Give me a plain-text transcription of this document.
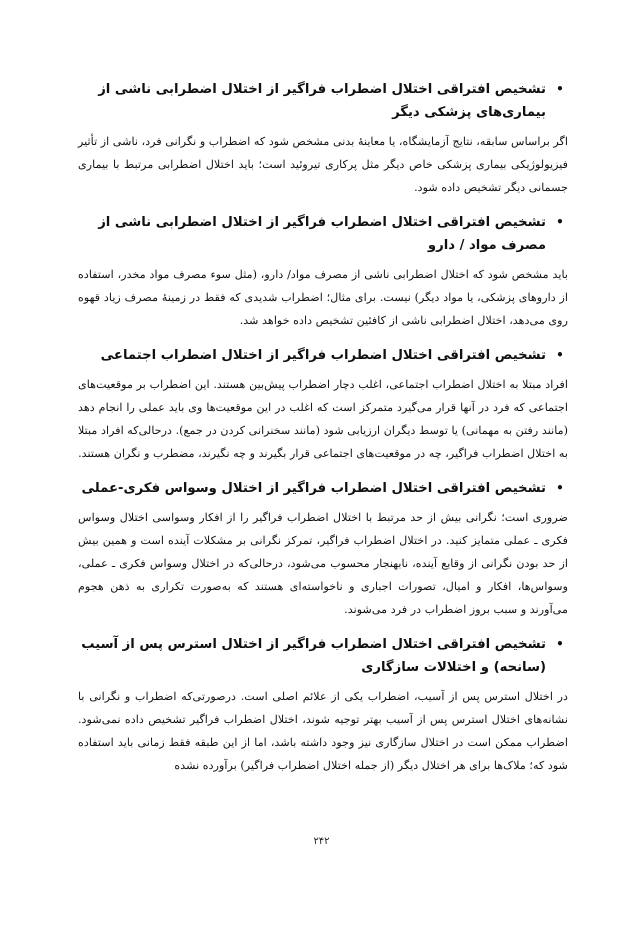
•
تشخیص افتراقی اختلال اضطراب فراگیر از اختلال اضطرابی ناشی از بیماری‌های پزشکی دیگر

اگر براساس سابقه، نتایج آزمایشگاه، یا معاینهٔ بدنی مشخص شود که اضطراب و نگرانی فرد، ناشی از تأثیر فیزیولوژیکی بیماری پزشکی خاص دیگر مثل پرکاری تیروئید است؛ باید اختلال اضطرابی مرتبط با بیماری جسمانی دیگر تشخیص داده شود.

•
تشخیص افتراقی اختلال اضطراب فراگیر از اختلال اضطرابی ناشی از مصرف مواد / دارو

باید مشخص شود که اختلال اضطرابی ناشی از مصرف مواد/ دارو، (مثل سوء مصرف مواد مخدر، استفاده از داروهای پزشکی، یا مواد دیگر) نیست. برای مثال؛ اضطراب شدیدی که فقط در زمینهٔ مصرف زیاد قهوه روی می‌دهد، اختلال اضطرابی ناشی از کافئین تشخیص داده خواهد شد.

•
تشخیص افتراقی اختلال اضطراب فراگیر از اختلال اضطراب اجتماعی

افراد مبتلا به اختلال اضطراب اجتماعی، اغلب دچار اضطراب پیش‌بین هستند. این اضطراب بر موقعیت‌های اجتماعی که فرد در آنها قرار می‌گیرد متمرکز است که اغلب در این موقعیت‌ها وی باید عملی را انجام دهد (مانند رفتن به مهمانی) یا توسط دیگران ارزیابی شود (مانند سخنرانی کردن در جمع). درحالی‌که افراد مبتلا به اختلال اضطراب فراگیر، چه در موقعیت‌های اجتماعی قرار بگیرند و چه نگیرند، مضطرب و نگران هستند.

•
تشخیص افتراقی اختلال اضطراب فراگیر از اختلال وسواس فکری-عملی

ضروری است؛ نگرانی بیش از حد مرتبط با اختلال اضطراب فراگیر را از افکار وسواسی اختلال وسواس فکری ـ عملی متمایز کنید. در اختلال اضطراب فراگیر، تمرکز نگرانی بر مشکلات آینده است و همین بیش از حد بودن نگرانی از وقایع آینده، نابهنجار محسوب می‌شود، درحالی‌که در اختلال وسواس فکری ـ عملی، وسواس‌ها، افکار و امیال، تصورات اجباری و ناخواسته‌ای هستند که به‌صورت تکراری به ذهن هجوم می‌آورند و سبب بروز اضطراب در فرد می‌شوند.

•
تشخیص افتراقی اختلال اضطراب فراگیر از اختلال استرس پس از آسیب (سانحه) و اختلالات سازگاری

در اختلال استرس پس از آسیب، اضطراب یکی از علائم اصلی است. درصورتی‌که اضطراب و نگرانی با نشانه‌های اختلال استرس پس از آسیب بهتر توجیه شوند، اختلال اضطراب فراگیر تشخیص داده نمی‌شود. اضطراب ممکن است در اختلال سازگاری نیز وجود داشته باشد، اما از این طبقه فقط زمانی باید استفاده شود که؛ ملاک‌ها برای هر اختلال دیگر (از جمله اختلال اضطراب فراگیر) برآورده نشده

۲۴۲
